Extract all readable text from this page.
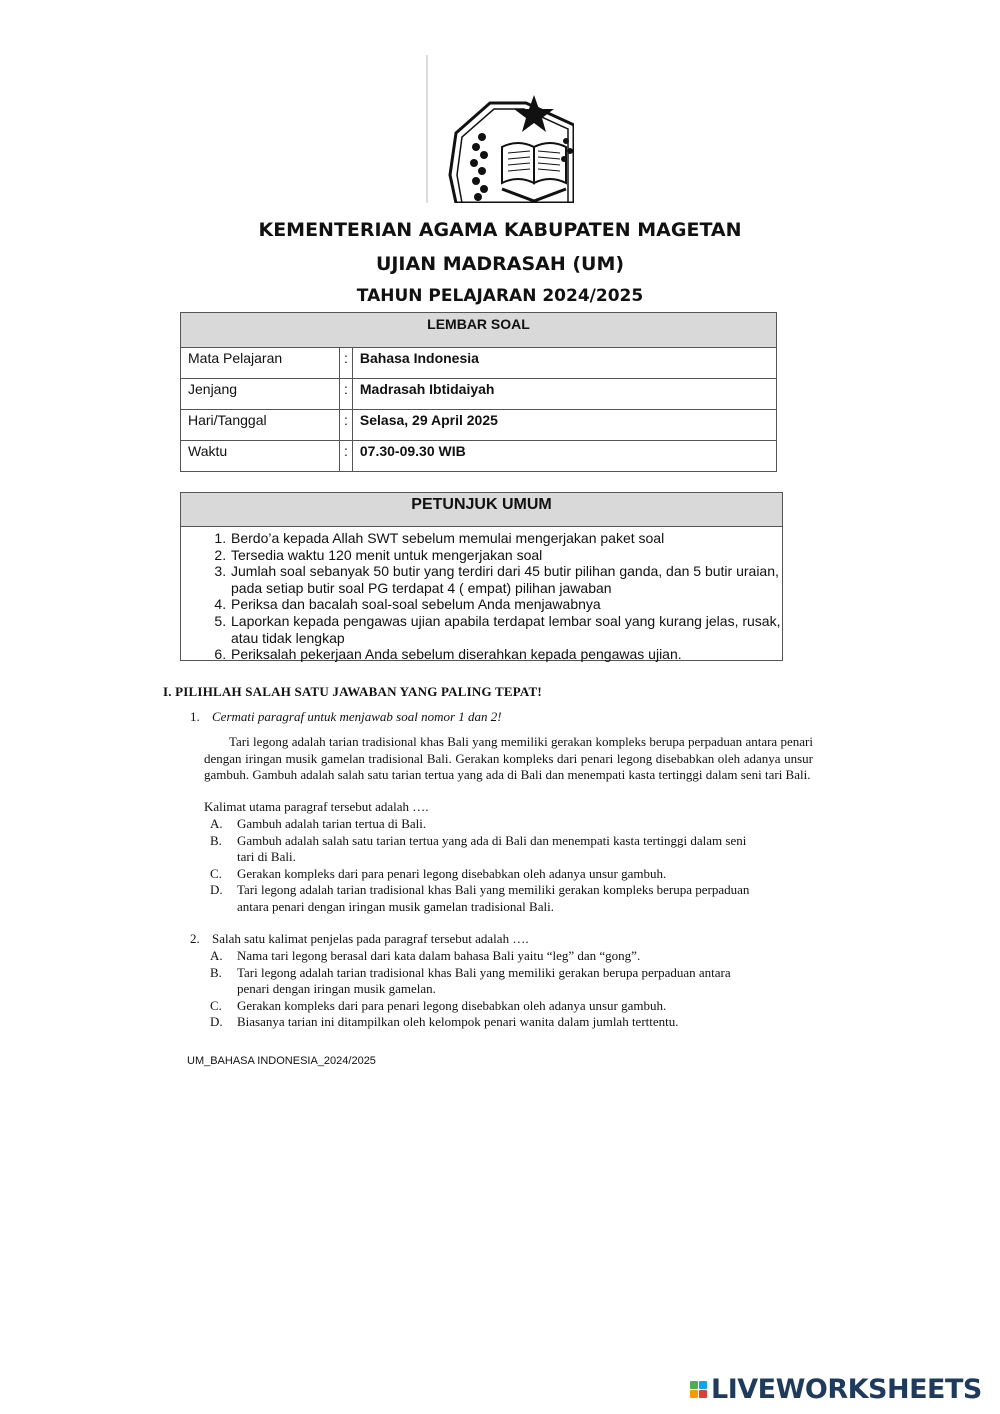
KEMENTERIAN AGAMA KABUPATEN MAGETAN
UJIAN MADRASAH (UM)
TAHUN PELAJARAN 2024/2025
LEMBAR SOAL		
Mata Pelajaran	:	Bahasa Indonesia
Jenjang	:	Madrasah Ibtidaiyah
Hari/Tanggal	:	Selasa, 29 April 2025
Waktu	:	07.30-09.30 WIB
PETUNJUK UMUM
1. Berdo’a kepada Allah SWT sebelum memulai mengerjakan paket soal
2. Tersedia waktu 120 menit untuk mengerjakan soal
3. Jumlah soal sebanyak 50 butir yang terdiri dari 45 butir pilihan ganda, dan 5 butir uraian, pada setiap butir soal PG terdapat 4 ( empat) pilihan jawaban
4. Periksa dan bacalah soal-soal sebelum Anda menjawabnya
5. Laporkan kepada pengawas ujian apabila terdapat lembar soal yang kurang jelas, rusak, atau tidak lengkap
6. Periksalah pekerjaan Anda sebelum diserahkan kepada pengawas ujian.
I. PILIHLAH SALAH SATU JAWABAN YANG PALING TEPAT!
1. Cermati paragraf untuk menjawab soal nomor 1 dan 2!
Tari legong adalah tarian tradisional khas Bali yang memiliki gerakan kompleks berupa perpaduan antara penari dengan iringan musik gamelan tradisional Bali. Gerakan kompleks dari penari legong disebabkan oleh adanya unsur gambuh. Gambuh adalah salah satu tarian tertua yang ada di Bali dan menempati kasta tertinggi dalam seni tari Bali.
Kalimat utama paragraf tersebut adalah ….
A.	Gambuh adalah tarian tertua di Bali.
B.	Gambuh adalah salah satu tarian tertua yang ada di Bali dan menempati kasta tertinggi dalam seni tari di Bali.
C.	Gerakan kompleks dari para penari legong disebabkan oleh adanya unsur gambuh.
D.	Tari legong adalah tarian tradisional khas Bali yang memiliki gerakan kompleks berupa perpaduan antara penari dengan iringan musik gamelan tradisional Bali.
2. Salah satu kalimat penjelas pada paragraf tersebut adalah ….
A.	Nama tari legong berasal dari kata dalam bahasa Bali yaitu “leg” dan “gong”.
B.	Tari legong adalah tarian tradisional khas Bali yang memiliki gerakan berupa perpaduan antara penari dengan iringan musik gamelan.
C.	Gerakan kompleks dari para penari legong disebabkan oleh adanya unsur gambuh.
D.	Biasanya tarian ini ditampilkan oleh kelompok penari wanita dalam jumlah terttentu.
UM_BAHASA INDONESIA_2024/2025
LIVEWORKSHEETS
